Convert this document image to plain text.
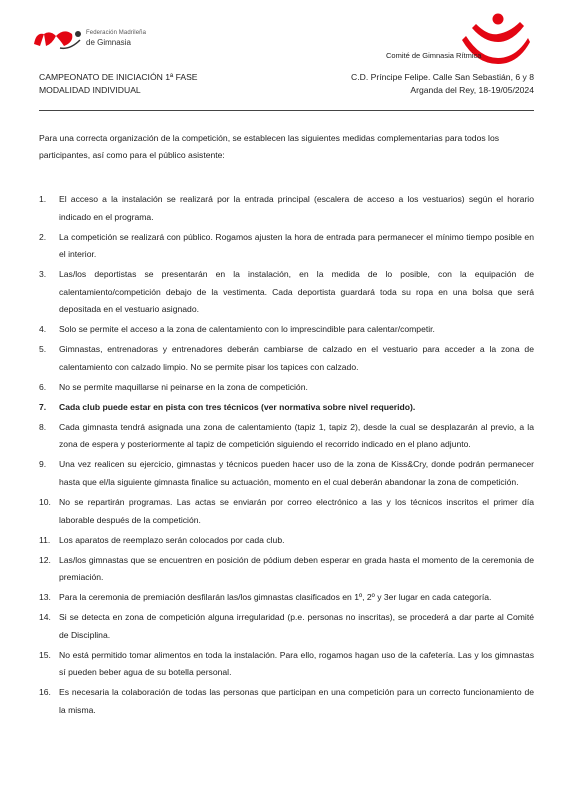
Federación Madrileña
de Gimnasia
Comité de Gimnasia Rítmica
CAMPEONATO DE INICIACIÓN 1ª FASE
MODALIDAD INDIVIDUAL
C.D. Príncipe Felipe. Calle San Sebastián, 6 y 8
Arganda del Rey, 18-19/05/2024
Para una correcta organización de la competición, se establecen las siguientes medidas complementarias para todos los participantes, así como para el público asistente:
1. El acceso a la instalación se realizará por la entrada principal (escalera de acceso a los vestuarios) según el horario indicado en el programa.
2. La competición se realizará con público. Rogamos ajusten la hora de entrada para permanecer el mínimo tiempo posible en el interior.
3. Las/los deportistas se presentarán en la instalación, en la medida de lo posible, con la equipación de calentamiento/competición debajo de la vestimenta. Cada deportista guardará toda su ropa en una bolsa que será depositada en el vestuario asignado.
4. Solo se permite el acceso a la zona de calentamiento con lo imprescindible para calentar/competir.
5. Gimnastas, entrenadoras y entrenadores deberán cambiarse de calzado en el vestuario para acceder a la zona de calentamiento con calzado limpio. No se permite pisar los tapices con calzado.
6. No se permite maquillarse ni peinarse en la zona de competición.
7. Cada club puede estar en pista con tres técnicos (ver normativa sobre nivel requerido).
8. Cada gimnasta tendrá asignada una zona de calentamiento (tapiz 1, tapiz 2), desde la cual se desplazarán al previo, a la zona de espera y posteriormente al tapiz de competición siguiendo el recorrido indicado en el plano adjunto.
9. Una vez realicen su ejercicio, gimnastas y técnicos pueden hacer uso de la zona de Kiss&Cry, donde podrán permanecer hasta que el/la siguiente gimnasta finalice su actuación, momento en el cual deberán abandonar la zona de competición.
10. No se repartirán programas. Las actas se enviarán por correo electrónico a las y los técnicos inscritos el primer día laborable después de la competición.
11. Los aparatos de reemplazo serán colocados por cada club.
12. Las/los gimnastas que se encuentren en posición de pódium deben esperar en grada hasta el momento de la ceremonia de premiación.
13. Para la ceremonia de premiación desfilarán las/los gimnastas clasificados en 1º, 2º y 3er lugar en cada categoría.
14. Si se detecta en zona de competición alguna irregularidad (p.e. personas no inscritas), se procederá a dar parte al Comité de Disciplina.
15. No está permitido tomar alimentos en toda la instalación. Para ello, rogamos hagan uso de la cafetería. Las y los gimnastas sí pueden beber agua de su botella personal.
16. Es necesaria la colaboración de todas las personas que participan en una competición para un correcto funcionamiento de la misma.
